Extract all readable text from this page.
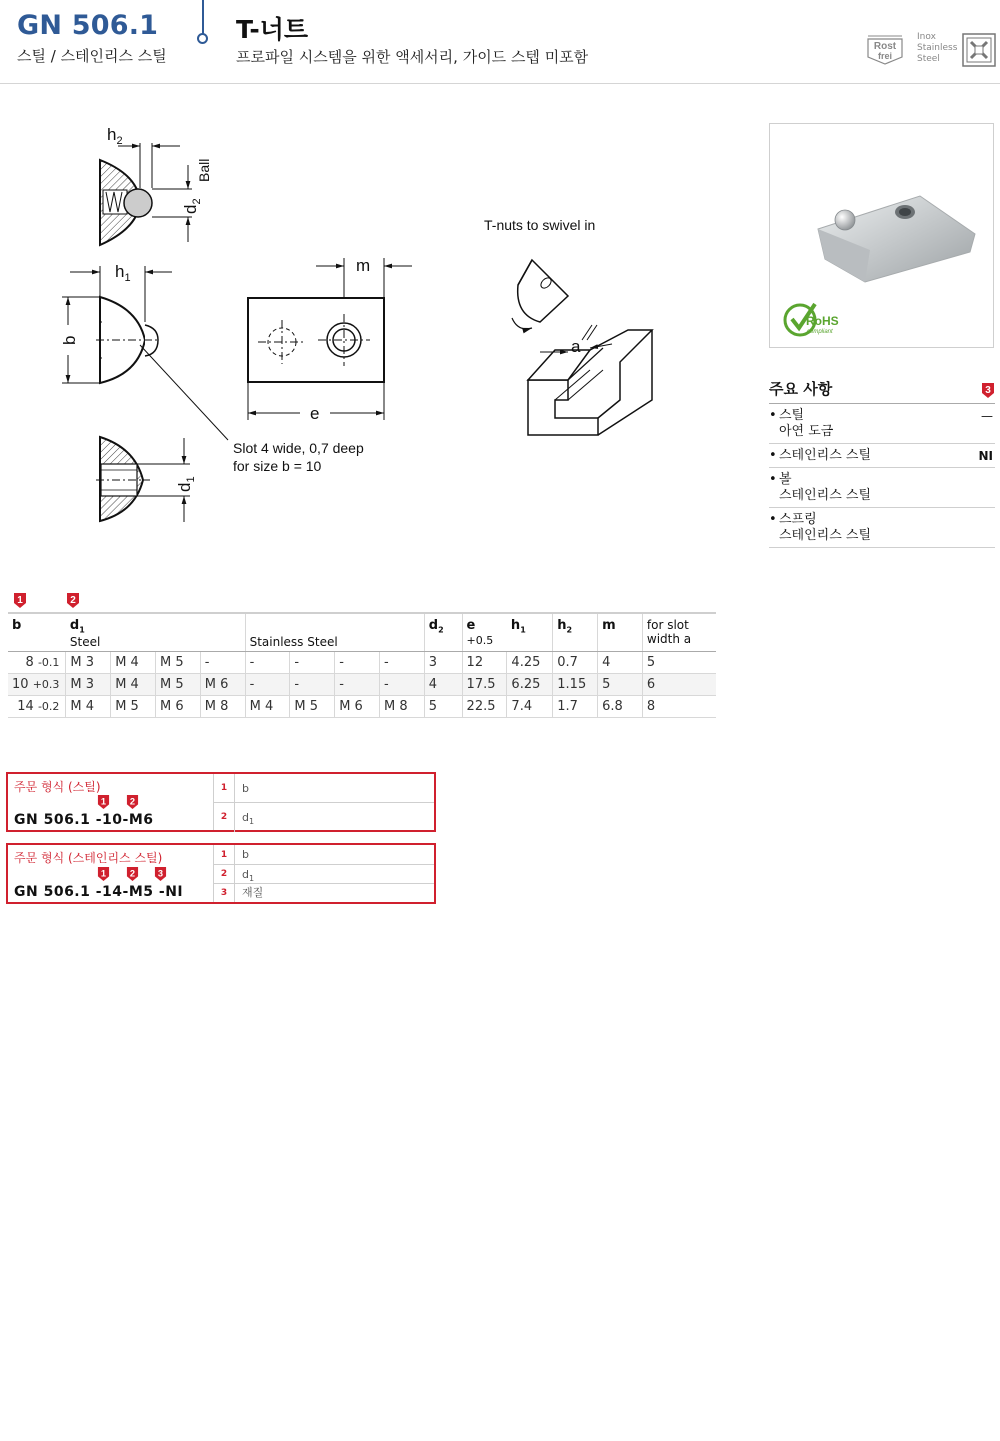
GN 506.1
스틸 / 스테인리스 스틸
T-너트
프로파일 시스템을 위한 액세서리, 가이드 스텝 미포함
Rost
frei
Inox
Stainless
Steel
$h_2$
Ball
$d_2$
$h_1$
b
$d_1$
m
e
Slot 4 wide, 0,7 deep
for size b = 10
T-nuts to swivel in
a
RoHS
compliant
주요 사항	3
• 스틸
아연 도금
—
• 스테인리스 스틸	NI
• 볼
스테인리스 스틸
• 스프링
스테인리스 스틸
1	2
b	$d_1$
Steel				Stainless Steel				$d_2$	e +0.5	$h_1$	$h_2$	m	for slot
width a
8 -0.1	M 3	M 4	M 5	-	-	-	-	-	3	12	4.25	0.7	4	5
10 +0.3	M 3	M 4	M 5	M 6	-	-	-	-	4	17.5	6.25	1.15	5	6
14 -0.2	M 4	M 5	M 6	M 8	M 4	M 5	M 6	M 8	5	22.5	7.4	1.7	6.8	8
주문 형식 (스틸)
1 2
GN 506.1 -10-M6
1 b
2 $d_1$
주문 형식 (스테인리스 스틸)
1 2 3
GN 506.1 -14-M5 -NI
1 b
2 $d_1$
3 재질
